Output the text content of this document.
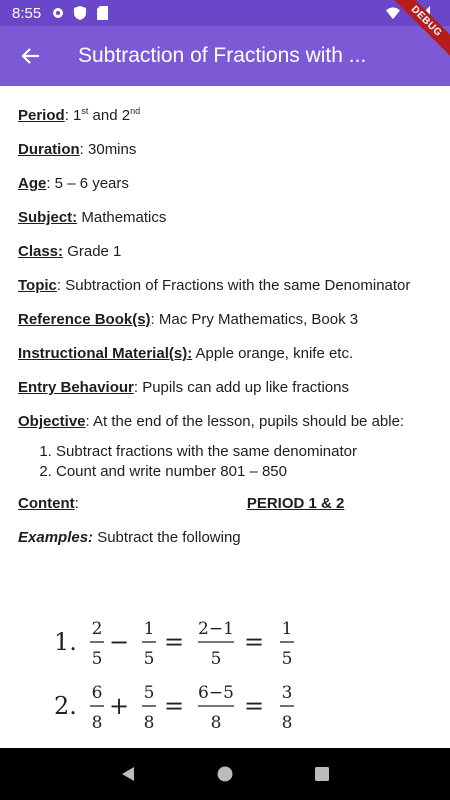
8:55
Subtraction of Fractions with ...
DEBUG
Period: 1st and 2nd
Duration: 30mins
Age: 5 – 6 years
Subject: Mathematics
Class: Grade 1
Topic: Subtraction of Fractions with the same Denominator
Reference Book(s): Mac Pry Mathematics, Book 3
Instructional Material(s): Apple orange, knife etc.
Entry Behaviour: Pupils can add up like fractions
Objective: At the end of the lesson, pupils should be able:
1. Subtract fractions with the same denominator
2. Count and write number 801 – 850
Content:	PERIOD 1 & 2
Examples: Subtract the following
1. 2
5
− 1
5
= 2−1
5
= 1
5
2. 6
8
+ 5
8
= 6−5
8
= 3
8
